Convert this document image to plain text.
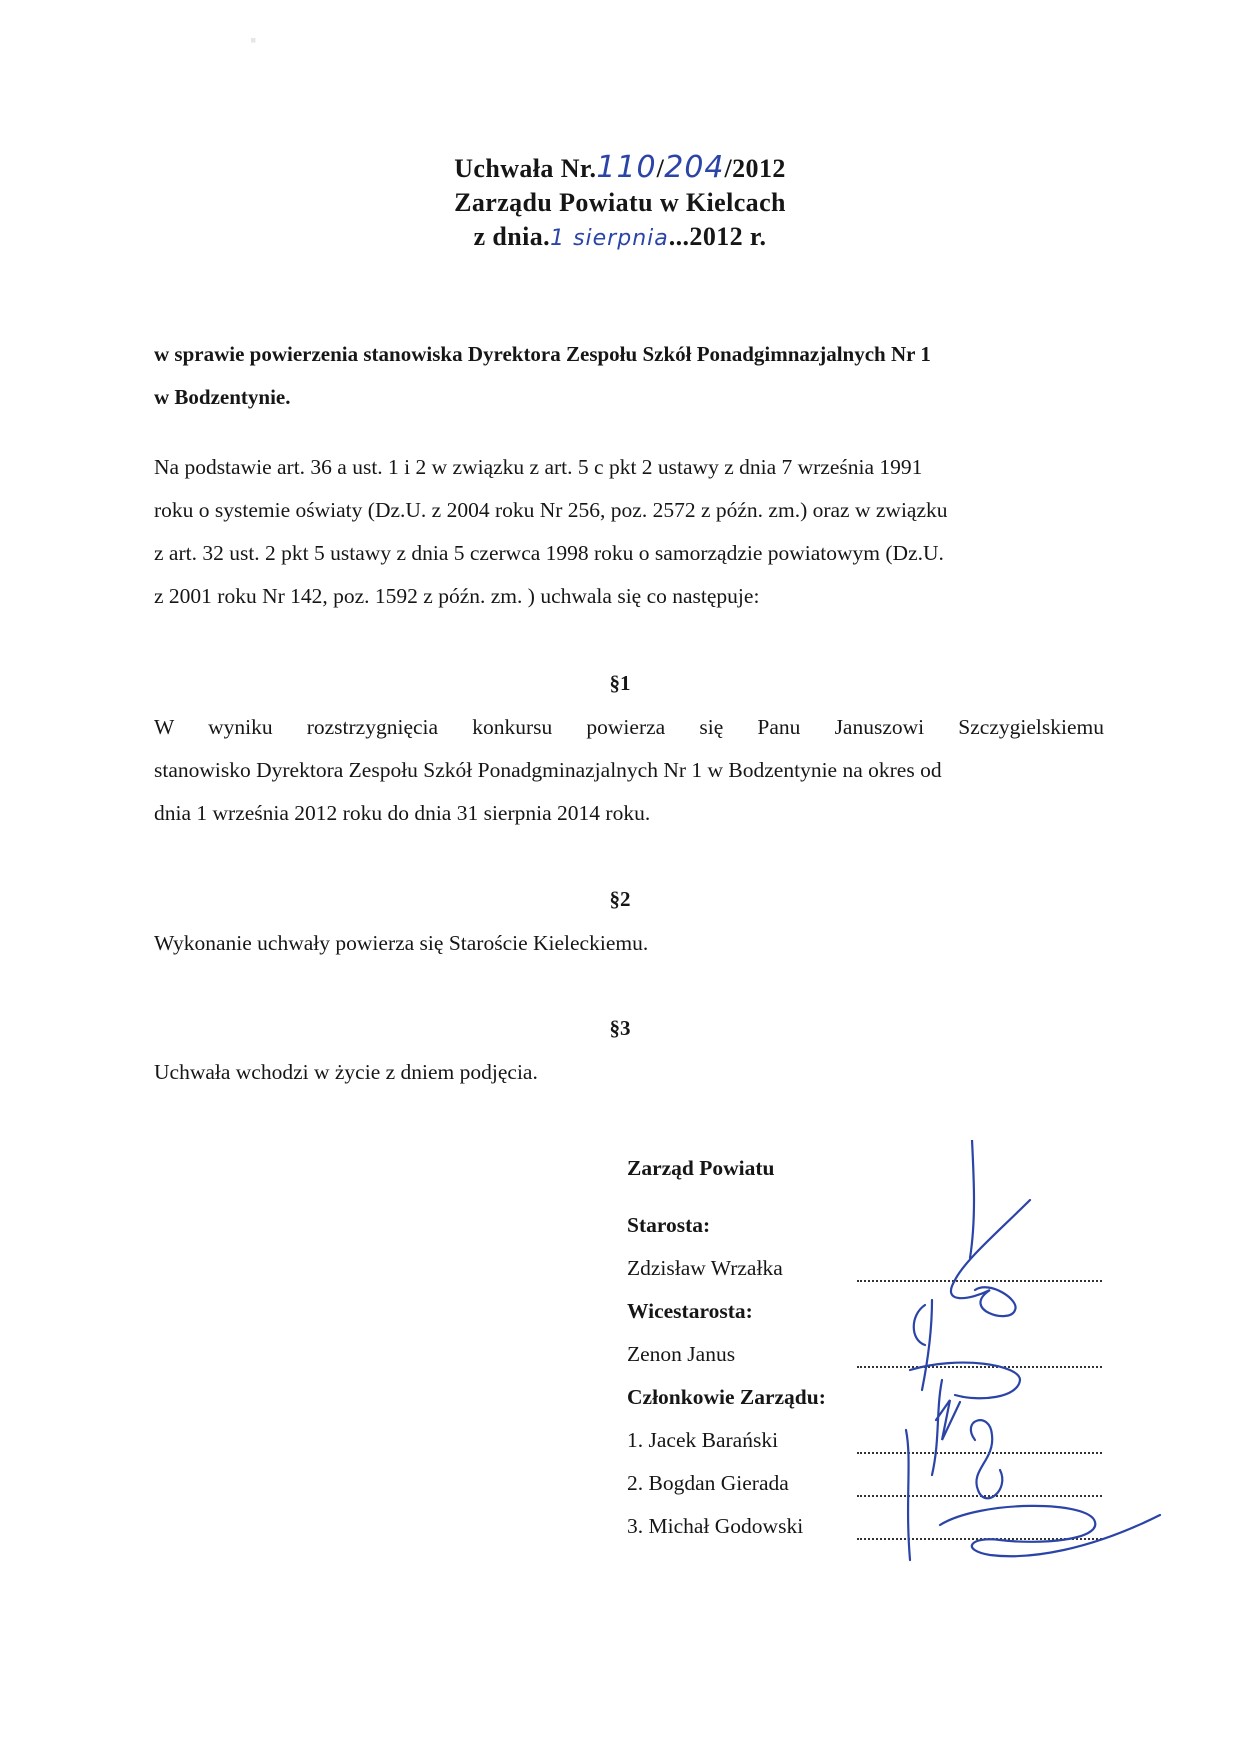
▪
Uchwała Nr.110/204/2012
Zarządu Powiatu w Kielcach
z dnia.1 sierpnia...2012 r.
w sprawie powierzenia stanowiska Dyrektora Zespołu Szkół Ponadgimnazjalnych Nr 1
w Bodzentynie.
Na podstawie art. 36 a ust. 1 i 2 w związku z art. 5 c pkt 2 ustawy z dnia 7 września 1991
roku o systemie oświaty (Dz.U. z 2004 roku Nr 256, poz. 2572 z późn. zm.) oraz w związku
z art. 32 ust. 2 pkt 5 ustawy z dnia 5 czerwca 1998 roku o samorządzie powiatowym (Dz.U.
z 2001 roku Nr 142, poz. 1592 z późn. zm. ) uchwala się co następuje:
§1
W wyniku rozstrzygnięcia konkursu powierza się Panu Januszowi Szczygielskiemu
stanowisko Dyrektora Zespołu Szkół Ponadgminazjalnych Nr 1 w Bodzentynie na okres od
dnia 1 września 2012 roku do dnia 31 sierpnia 2014 roku.
§2
Wykonanie uchwały powierza się Staroście Kieleckiemu.
§3
Uchwała wchodzi w życie z dniem podjęcia.
Zarząd Powiatu
Starosta:
Zdzisław Wrzałka
Wicestarosta:
Zenon Janus
Członkowie Zarządu:
1. Jacek Barański
2. Bogdan Gierada
3. Michał Godowski
